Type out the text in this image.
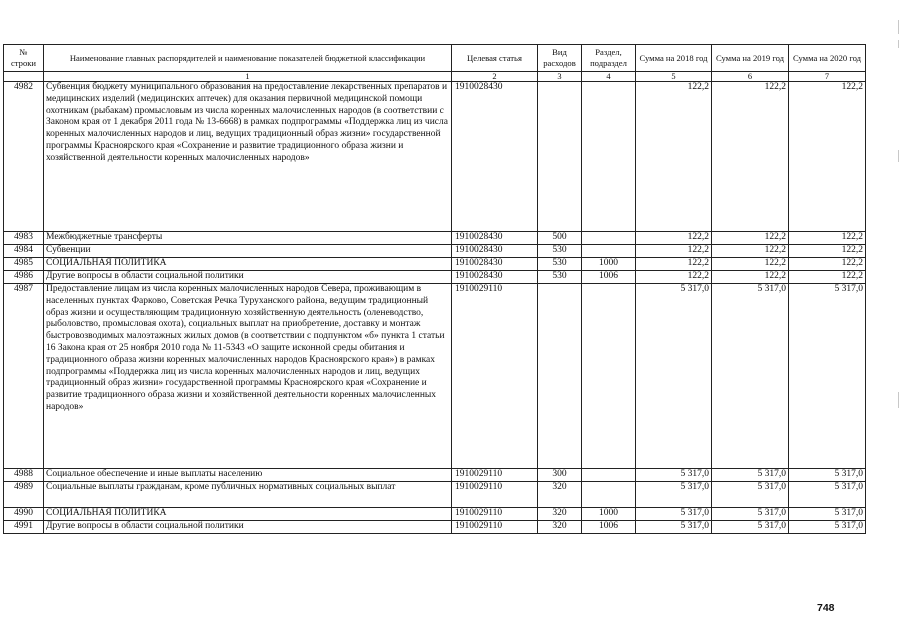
№ строки	Наименование главных распорядителей и наименование показателей бюджетной классификации	Целевая статья	Вид расходов	Раздел, подраздел	Сумма на 2018 год	Сумма на 2019 год	Сумма на 2020 год
	1	2	3	4	5	6	7
4982	Субвенция бюджету муниципального образования на предоставление лекарственных препаратов и медицинских изделий (медицинских аптечек) для оказания первичной медицинской помощи охотникам (рыбакам) промысловым из числа коренных малочисленных народов (в соответствии с Законом края от 1 декабря 2011 года № 13-6668) в рамках подпрограммы «Поддержка лиц из числа коренных малочисленных народов и лиц, ведущих традиционный образ жизни» государственной программы Красноярского края «Сохранение и развитие традиционного образа жизни и хозяйственной деятельности коренных малочисленных народов»	1910028430			122,2	122,2	122,2
4983	Межбюджетные трансферты	1910028430	500		122,2	122,2	122,2
4984	Субвенции	1910028430	530		122,2	122,2	122,2
4985	СОЦИАЛЬНАЯ ПОЛИТИКА	1910028430	530	1000	122,2	122,2	122,2
4986	Другие вопросы в области социальной политики	1910028430	530	1006	122,2	122,2	122,2
4987	Предоставление лицам из числа коренных малочисленных народов Севера, проживающим в населенных пунктах Фарково, Советская Речка Туруханского района, ведущим традиционный образ жизни и осуществляющим традиционную хозяйственную деятельность (оленеводство, рыболовство, промысловая охота), социальных выплат на приобретение, доставку и монтаж быстровозводимых малоэтажных жилых домов (в соответствии с подпунктом «б» пункта 1 статьи 16 Закона края от 25 ноября 2010 года № 11-5343 «О защите исконной среды обитания и традиционного образа жизни коренных малочисленных народов Красноярского края») в рамках подпрограммы «Поддержка лиц из числа коренных малочисленных народов и лиц, ведущих традиционный образ жизни» государственной программы Красноярского края «Сохранение и развитие традиционного образа жизни и хозяйственной деятельности коренных малочисленных народов»	1910029110			5 317,0	5 317,0	5 317,0
4988	Социальное обеспечение и иные выплаты населению	1910029110	300		5 317,0	5 317,0	5 317,0
4989	Социальные выплаты гражданам, кроме публичных нормативных социальных выплат	1910029110	320		5 317,0	5 317,0	5 317,0
4990	СОЦИАЛЬНАЯ ПОЛИТИКА	1910029110	320	1000	5 317,0	5 317,0	5 317,0
4991	Другие вопросы в области социальной политики	1910029110	320	1006	5 317,0	5 317,0	5 317,0
748
